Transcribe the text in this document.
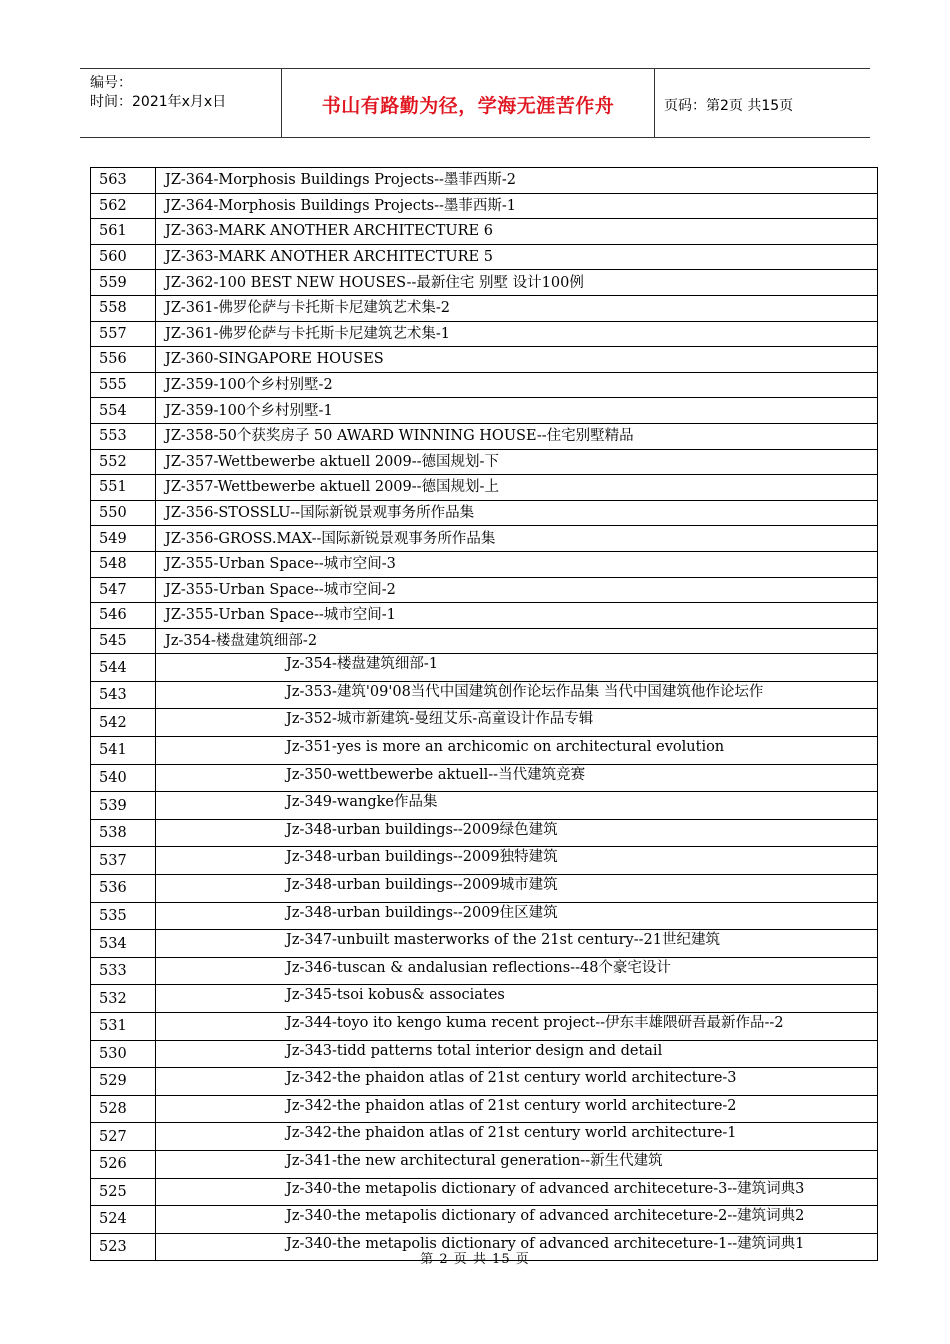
编号：
时间：2021年x月x日	书山有路勤为径，学海无涯苦作舟	页码：第2页 共15页
563	JZ-364-Morphosis Buildings Projects--墨菲西斯-2
562	JZ-364-Morphosis Buildings Projects--墨菲西斯-1
561	JZ-363-MARK ANOTHER ARCHITECTURE 6
560	JZ-363-MARK ANOTHER ARCHITECTURE 5
559	JZ-362-100 BEST NEW HOUSES--最新住宅 别墅 设计100例
558	JZ-361-佛罗伦萨与卡托斯卡尼建筑艺术集-2
557	JZ-361-佛罗伦萨与卡托斯卡尼建筑艺术集-1
556	JZ-360-SINGAPORE HOUSES
555	JZ-359-100个乡村别墅-2
554	JZ-359-100个乡村别墅-1
553	JZ-358-50个获奖房子 50 AWARD WINNING HOUSE--住宅别墅精品
552	JZ-357-Wettbewerbe aktuell 2009--德国规划-下
551	JZ-357-Wettbewerbe aktuell 2009--德国规划-上
550	JZ-356-STOSSLU--国际新锐景观事务所作品集
549	JZ-356-GROSS.MAX--国际新锐景观事务所作品集
548	JZ-355-Urban Space--城市空间-3
547	JZ-355-Urban Space--城市空间-2
546	JZ-355-Urban Space--城市空间-1
545	Jz-354-楼盘建筑细部-2
544	Jz-354-楼盘建筑细部-1
543	Jz-353-建筑'09'08当代中国建筑创作论坛作品集 当代中国建筑他作论坛作
542	Jz-352-城市新建筑-曼纽艾乐-高童设计作品专辑
541	Jz-351-yes is more an archicomic on architectural evolution
540	Jz-350-wettbewerbe aktuell--当代建筑竞赛
539	Jz-349-wangke作品集
538	Jz-348-urban buildings--2009绿色建筑
537	Jz-348-urban buildings--2009独特建筑
536	Jz-348-urban buildings--2009城市建筑
535	Jz-348-urban buildings--2009住区建筑
534	Jz-347-unbuilt masterworks of the 21st century--21世纪建筑
533	Jz-346-tuscan & andalusian reflections--48个豪宅设计
532	Jz-345-tsoi kobus& associates
531	Jz-344-toyo ito kengo kuma recent project--伊东丰雄隈研吾最新作品--2
530	Jz-343-tidd patterns total interior design and detail
529	Jz-342-the phaidon atlas of 21st century world architecture-3
528	Jz-342-the phaidon atlas of 21st century world architecture-2
527	Jz-342-the phaidon atlas of 21st century world architecture-1
526	Jz-341-the new architectural generation--新生代建筑
525	Jz-340-the metapolis dictionary of advanced architeceture-3--建筑词典3
524	Jz-340-the metapolis dictionary of advanced architeceture-2--建筑词典2
523	Jz-340-the metapolis dictionary of advanced architeceture-1--建筑词典1
第 2 页 共 15 页
